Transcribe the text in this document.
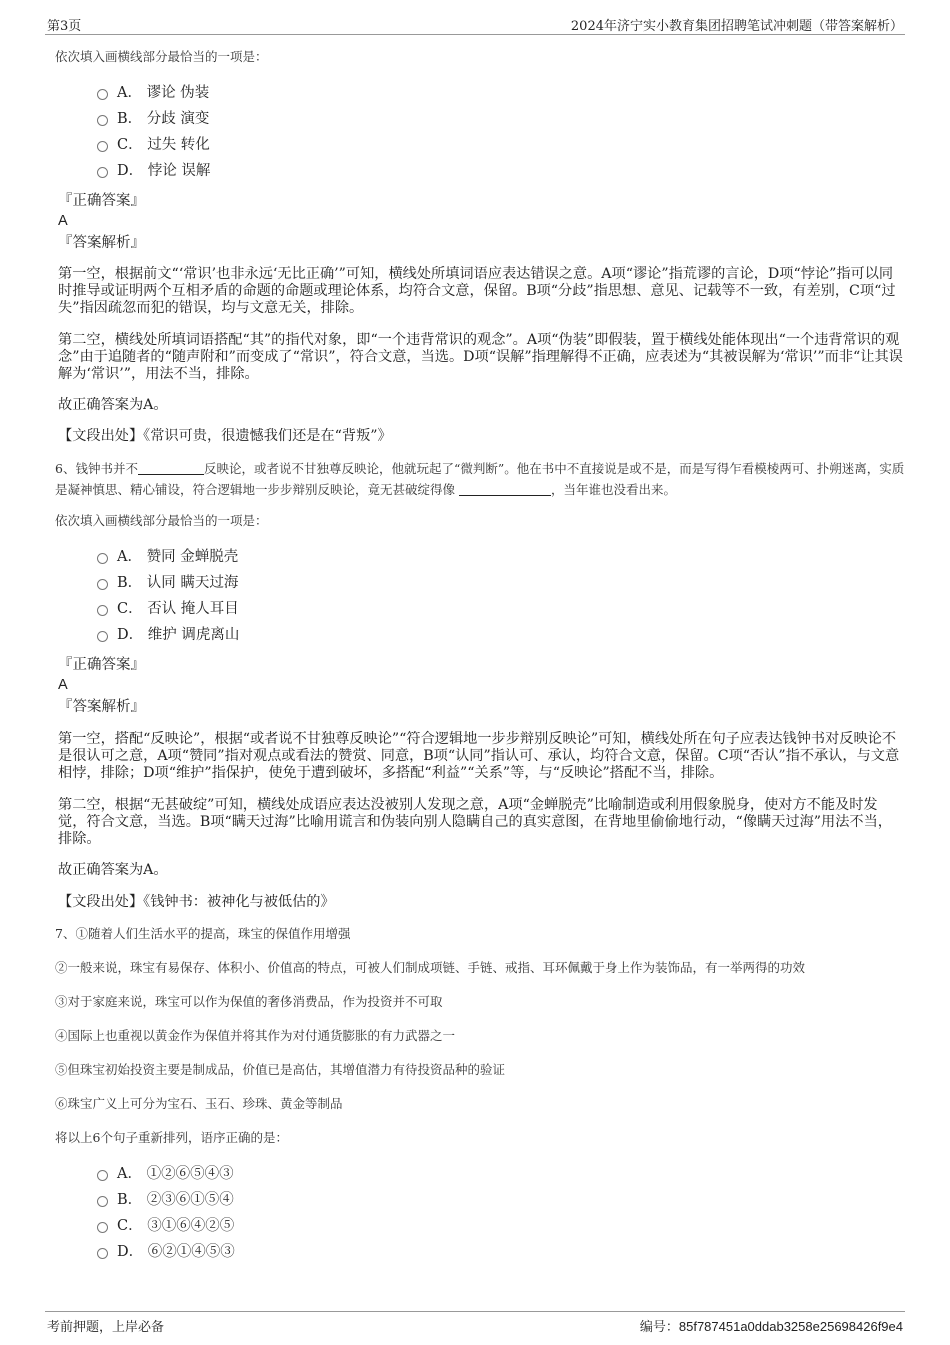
第3页	2024年济宁实小教育集团招聘笔试冲刺题（带答案解析）

依次填入画横线部分最恰当的一项是：

A． 谬论 伪装
B． 分歧 演变
C． 过失 转化
D． 悖论 误解
『正确答案』
A
『答案解析』

第一空，根据前文“‘常识’也非永远‘无比正确’”可知，横线处所填词语应表达错误之意。A项“谬论”指荒谬的言论，D项“悖论”指可以同时推导或证明两个互相矛盾的命题的命题或理论体系，均符合文意，保留。B项“分歧”指思想、意见、记载等不一致，有差别，C项“过失”指因疏忽而犯的错误，均与文意无关，排除。

第二空，横线处所填词语搭配“其”的指代对象，即“一个违背常识的观念”。A项“伪装”即假装，置于横线处能体现出“一个违背常识的观念”由于追随者的“随声附和”而变成了“常识”，符合文意，当选。D项“误解”指理解得不正确，应表述为“其被误解为‘常识’”而非“让其误解为‘常识’”，用法不当，排除。

故正确答案为A。

【文段出处】《常识可贵，很遗憾我们还是在“背叛”》

6、钱钟书并不	反映论，或者说不甘独尊反映论，他就玩起了“微判断”。他在书中不直接说是或不是，而是写得乍看模棱两可、扑朔迷离，实质是凝神慎思、精心铺设，符合逻辑地一步步辩别反映论，竟无甚破绽得像	，当年谁也没看出来。

依次填入画横线部分最恰当的一项是：

A． 赞同 金蝉脱壳
B． 认同 瞒天过海
C． 否认 掩人耳目
D． 维护 调虎离山
『正确答案』
A
『答案解析』

第一空，搭配“反映论”，根据“或者说不甘独尊反映论”“符合逻辑地一步步辩别反映论”可知，横线处所在句子应表达钱钟书对反映论不是很认可之意，A项“赞同”指对观点或看法的赞赏、同意，B项“认同”指认可、承认，均符合文意，保留。C项“否认”指不承认，与文意相悖，排除；D项“维护”指保护，使免于遭到破坏，多搭配“利益”“关系”等，与“反映论”搭配不当，排除。

第二空，根据“无甚破绽”可知，横线处成语应表达没被别人发现之意，A项“金蝉脱壳”比喻制造或利用假象脱身，使对方不能及时发觉，符合文意，当选。B项“瞒天过海”比喻用谎言和伪装向别人隐瞒自己的真实意图，在背地里偷偷地行动，“像瞒天过海”用法不当，排除。

故正确答案为A。

【文段出处】《钱钟书：被神化与被低估的》

7、①随着人们生活水平的提高，珠宝的保值作用增强

②一般来说，珠宝有易保存、体积小、价值高的特点，可被人们制成项链、手链、戒指、耳环佩戴于身上作为装饰品，有一举两得的功效

③对于家庭来说，珠宝可以作为保值的奢侈消费品，作为投资并不可取

④国际上也重视以黄金作为保值并将其作为对付通货膨胀的有力武器之一

⑤但珠宝初始投资主要是制成品，价值已是高估，其增值潜力有待投资品种的验证

⑥珠宝广义上可分为宝石、玉石、珍珠、黄金等制品

将以上6个句子重新排列，语序正确的是：

A． ①②⑥⑤④③
B． ②③⑥①⑤④
C． ③①⑥④②⑤
D． ⑥②①④⑤③
考前押题，上岸必备	编号：85f787451a0ddab3258e25698426f9e4
